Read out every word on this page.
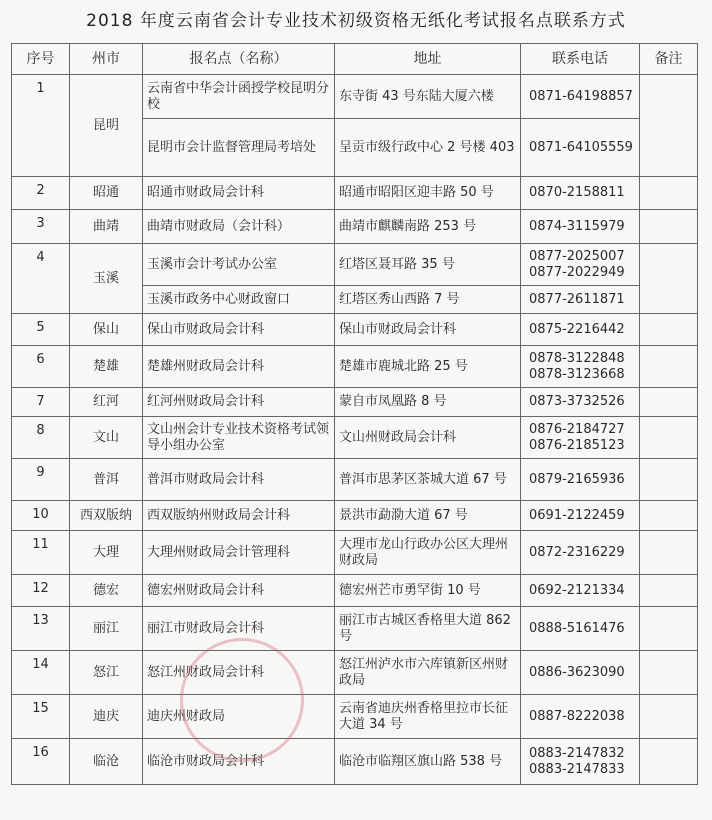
2018 年度云南省会计专业技术初级资格无纸化考试报名点联系方式
序号	州市	报名点（名称）	地址	联系电话	备注
1	昆明	云南省中华会计函授学校昆明分校	东寺街 43 号东陆大厦六楼	0871-64198857	
		昆明市会计监督管理局考培处	呈贡市级行政中心 2 号楼 403	0871-64105559	
2	昭通	昭通市财政局会计科	昭通市昭阳区迎丰路 50 号	0870-2158811	
3	曲靖	曲靖市财政局（会计科）	曲靖市麒麟南路 253 号	0874-3115979	
4	玉溪	玉溪市会计考试办公室	红塔区聂耳路 35 号	0877-2025007
0877-2022949	
		玉溪市政务中心财政窗口	红塔区秀山西路 7 号	0877-2611871	
5	保山	保山市财政局会计科	保山市财政局会计科	0875-2216442	
6	楚雄	楚雄州财政局会计科	楚雄市鹿城北路 25 号	0878-3122848
0878-3123668	
7	红河	红河州财政局会计科	蒙自市凤凰路 8 号	0873-3732526	
8	文山	文山州会计专业技术资格考试领导小组办公室	文山州财政局会计科	0876-2184727
0876-2185123	
9	普洱	普洱市财政局会计科	普洱市思茅区茶城大道 67 号	0879-2165936	
10	西双版纳	西双版纳州财政局会计科	景洪市勐泐大道 67 号	0691-2122459	
11	大理	大理州财政局会计管理科	大理市龙山行政办公区大理州财政局	0872-2316229	
12	德宏	德宏州财政局会计科	德宏州芒市勇罕街 10 号	0692-2121334	
13	丽江	丽江市财政局会计科	丽江市古城区香格里大道 862 号	0888-5161476	
14	怒江	怒江州财政局会计科	怒江州泸水市六库镇新区州财政局	0886-3623090	
15	迪庆	迪庆州财政局	云南省迪庆州香格里拉市长征大道 34 号	0887-8222038	
16	临沧	临沧市财政局会计科	临沧市临翔区旗山路 538 号	0883-2147832
0883-2147833	
